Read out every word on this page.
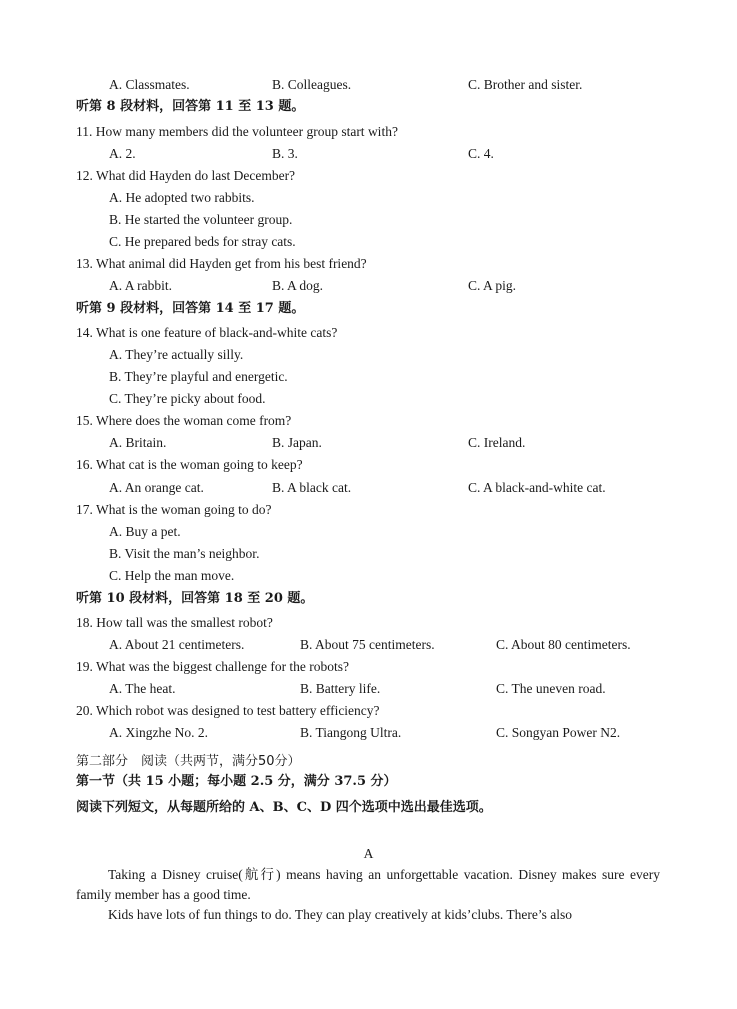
A. Classmates.	B. Colleagues.	C. Brother and sister.
听第 8 段材料，回答第 11 至 13 题。
11. How many members did the volunteer group start with?
A. 2.	B. 3.	C. 4.
12. What did Hayden do last December?
A. He adopted two rabbits.
B. He started the volunteer group.
C. He prepared beds for stray cats.
13. What animal did Hayden get from his best friend?
A. A rabbit.	B. A dog.	C. A pig.
听第 9 段材料，回答第 14 至 17 题。
14. What is one feature of black-and-white cats?
A. They’re actually silly.
B. They’re playful and energetic.
C. They’re picky about food.
15. Where does the woman come from?
A. Britain.	B. Japan.	C. Ireland.
16. What cat is the woman going to keep?
A. An orange cat.	B. A black cat.	C. A black-and-white cat.
17. What is the woman going to do?
A. Buy a pet.
B. Visit the man’s neighbor.
C. Help the man move.
听第 10 段材料，回答第 18 至 20 题。
18. How tall was the smallest robot?
A. About 21 centimeters.	B. About 75 centimeters.	C. About 80 centimeters.
19. What was the biggest challenge for the robots?
A. The heat.	B. Battery life.	C. The uneven road.
20. Which robot was designed to test battery efficiency?
A. Xingzhe No. 2.	B. Tiangong Ultra.	C. Songyan Power N2.
第二部分　阅读（共两节，满分50分）
第一节（共 15 小题；每小题 2.5 分，满分 37.5 分）
阅读下列短文，从每题所给的 A、B、C、D 四个选项中选出最佳选项。
A
Taking a Disney cruise(航行) means having an unforgettable vacation. Disney makes sure every family member has a good time.
Kids have lots of fun things to do. They can play creatively at kids’clubs. There’s also
